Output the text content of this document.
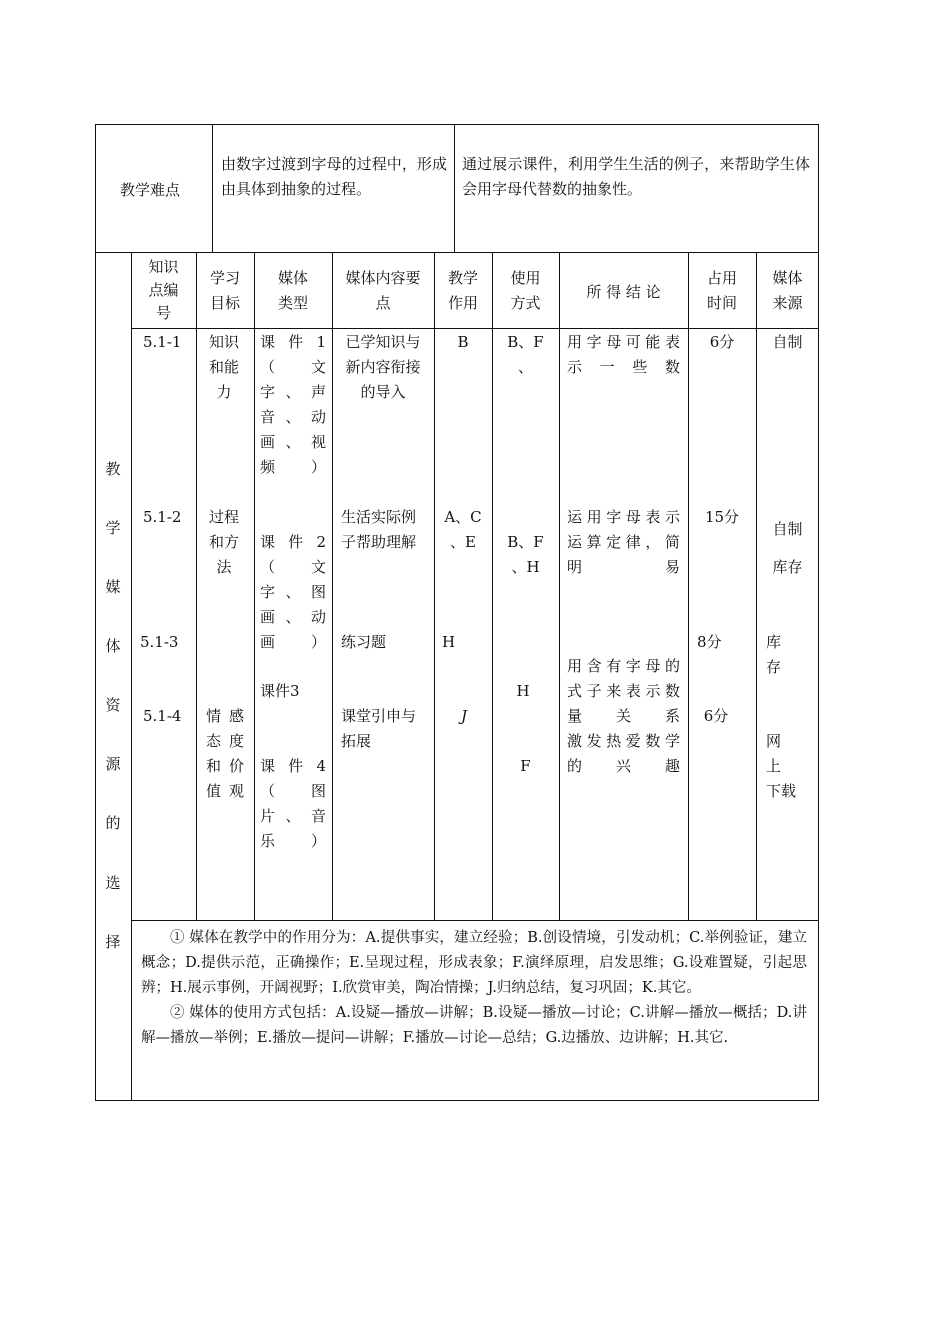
教学难点
由数字过渡到字母的过程中，形成由具体到抽象的过程。
通过展示课件，利用学生生活的例子，来帮助学生体会用字母代替数的抽象性。
教
学
媒
体
资
源
的
选
择
知识
点编
号
学习
目标
媒体
类型
媒体内容要
点
教学
作用
使用
方式
所 得 结 论
占用
时间
媒体
来源
5.1-1
5.1-2
5.1-3
5.1-4
知识
和能
力
过程
和方
法
情感
态度
和价
值观
课 件 1
（ 文
字 、 声
音 、 动
画 、 视
频）
课 件 2
（ 文
字 、 图
画 、 动
画）
课件3
课 件 4
（ 图
片 、 音
乐）
已学知识与
新内容衔接
的导入
生活实际例
子帮助理解
练习题
课堂引申与
拓展
B
A、C
、E
H
J
B、F
、
B、F
、H
H
F
用字母可能表
示一些数
运用字母表示
运算定律，简
明易
用含有字母的
式子来表示数
量关系
激发热爱数学
的兴趣
6分
15分
8分
6分
自制
自制
库存
库
存
网
上
下载

① 媒体在教学中的作用分为：A.提供事实，建立经验；B.创设情境，引发动机；C.举例验证，建立概念；D.提供示范，正确操作；E.呈现过程，形成表象；F.演绎原理，启发思维；G.设难置疑，引起思辨；H.展示事例，开阔视野；I.欣赏审美，陶冶情操；J.归纳总结，复习巩固；K.其它。

② 媒体的使用方式包括：A.设疑—播放—讲解；B.设疑—播放—讨论；C.讲解—播放—概括；D.讲解—播放—举例；E.播放—提问—讲解；F.播放—讨论—总结；G.边播放、边讲解；H.其它.
